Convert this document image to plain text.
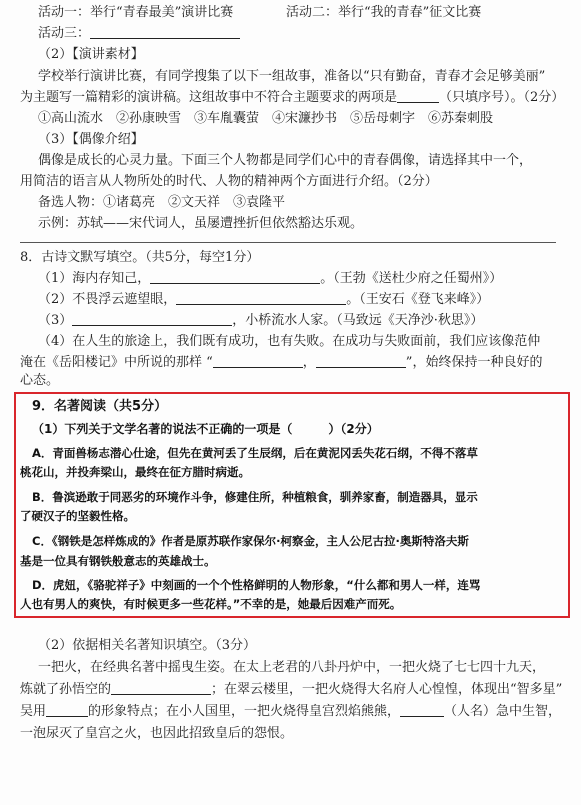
活动一：举行“青春最美”演讲比赛	活动二：举行“我的青春”征文比赛
活动三：
（2）【演讲素材】
学校举行演讲比赛，有同学搜集了以下一组故事，准备以“只有勤奋，青春才会足够美丽”
为主题写一篇精彩的演讲稿。这组故事中不符合主题要求的两项是	（只填序号）。（2分）
①高山流水　②孙康映雪　③车胤囊萤　④宋濂抄书　⑤岳母刺字　⑥苏秦刺股
（3）【偶像介绍】
偶像是成长的心灵力量。下面三个人物都是同学们心中的青春偶像，请选择其中一个，
用简洁的语言从人物所处的时代、人物的精神两个方面进行介绍。（2分）
备选人物：①诸葛亮　②文天祥　③袁隆平
示例：苏轼——宋代词人，虽屡遭挫折但依然豁达乐观。
8．古诗文默写填空。（共5分，每空1分）
（1）海内存知己，	。（王勃《送杜少府之任蜀州》）
（2）不畏浮云遮望眼，	。（王安石《登飞来峰》）
（3）	，小桥流水人家。（马致远《天净沙·秋思》）
（4）在人生的旅途上，我们既有成功，也有失败。在成功与失败面前，我们应该像范仲
淹在《岳阳楼记》中所说的那样 “	，	”，始终保持一种良好的
心态。
9．名著阅读（共5分）
（1）下列关于文学名著的说法不正确的一项是（　　　）（2分）
A．青面兽杨志潜心仕途，但先在黄河丢了生辰纲，后在黄泥冈丢失花石纲，不得不落草
桃花山，并投奔梁山，最终在征方腊时病逝。
B．鲁滨逊敢于同恶劣的环境作斗争，修建住所，种植粮食，驯养家畜，制造器具，显示
了硬汉子的坚毅性格。
C．《钢铁是怎样炼成的》作者是原苏联作家保尔·柯察金，主人公尼古拉·奥斯特洛夫斯
基是一位具有钢铁般意志的英雄战士。
D．虎妞，《骆驼祥子》中刻画的一个个性格鲜明的人物形象，“什么都和男人一样，连骂
人也有男人的爽快，有时候更多一些花样。”不幸的是，她最后因难产而死。
（2）依据相关名著知识填空。（3分）
一把火，在经典名著中摇曳生姿。在太上老君的八卦丹炉中，一把火烧了七七四十九天，
炼就了孙悟空的	；在翠云楼里，一把火烧得大名府人心惶惶，体现出“智多星”
吴用	的形象特点；在小人国里，一把火烧得皇宫烈焰熊熊，	（人名）急中生智，
一泡尿灭了皇宫之火，也因此招致皇后的怨恨。
